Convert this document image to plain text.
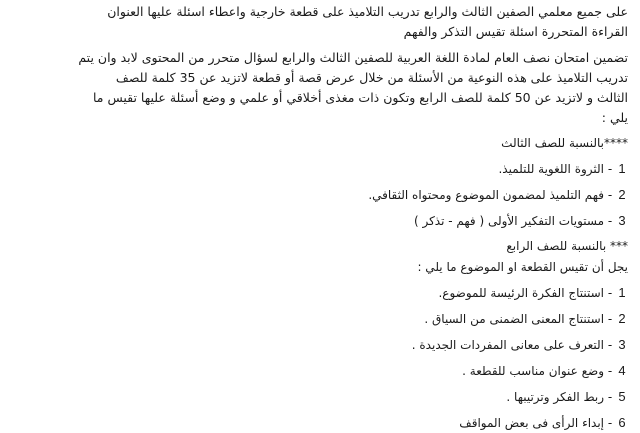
على جميع معلمي الصفين الثالث والرابع تدريب التلاميذ على قطعة خارجية واعطاء اسئلة عليها العنوان
القراءة المتحررة اسئلة تقيس التذكر والفهم
تضمين امتحان نصف العام لمادة اللغة العربية للصفين الثالث والرابع لسؤال متحرر من المحتوى لابد وان يتم
تدريب التلاميذ على هذه النوعية من الأسئلة من خلال عرض قصة أو قطعة لاتزيد عن 35 كلمة للصف
الثالث و لاتزيد عن 50 كلمة للصف الرابع وتكون ذات مغذى أخلاقي أو علمي و وضع أسئلة عليها تقيس ما
يلي :
****بالنسبة للصف الثالث
1 - الثروة اللغوية للتلميذ.
2 - فهم التلميذ لمضمون الموضوع ومحتواه الثقافي.
3 - مستويات التفكير الأولى ( فهم - تذكر )
*** بالنسبة للصف الرابع
يجل أن تقيس القطعة او الموضوع ما يلي :
1 - استنتاج الفكرة الرئيسة للموضوع.
2 - استنتاج المعنى الضمنى من السياق .
3 - التعرف على معانى المفردات الجديدة .
4 - وضع عنوان مناسب للقطعة .
5 - ربط الفكر وترتيبها .
6 - إبداء الرأى فى بعض المواقف
